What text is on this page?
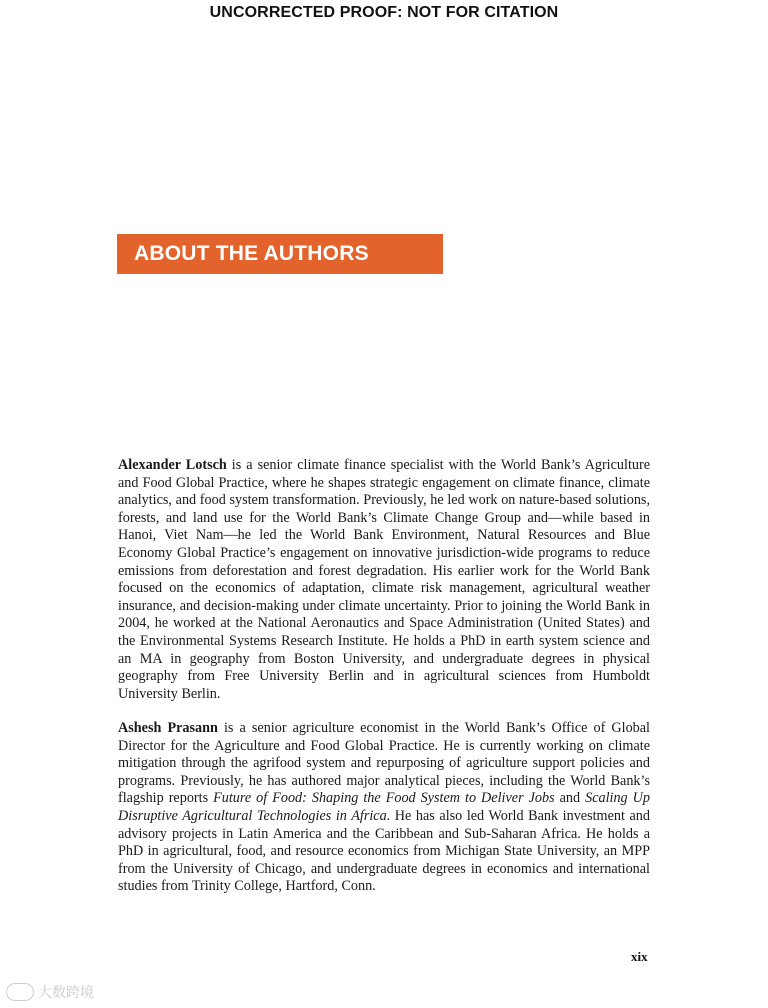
UNCORRECTED PROOF: NOT FOR CITATION
ABOUT THE AUTHORS
Alexander Lotsch is a senior climate finance specialist with the World Bank’s Agriculture and Food Global Practice, where he shapes strategic engagement on climate finance, climate analytics, and food system transformation. Previously, he led work on nature-based solutions, forests, and land use for the World Bank’s Climate Change Group and—while based in Hanoi, Viet Nam—he led the World Bank Environment, Natural Resources and Blue Economy Global Practice’s engagement on innovative jurisdiction-wide programs to reduce emissions from deforestation and forest degradation. His earlier work for the World Bank focused on the economics of adaptation, climate risk management, agricultural weather insurance, and decision-making under climate uncertainty. Prior to joining the World Bank in 2004, he worked at the National Aeronautics and Space Administration (United States) and the Environmental Systems Research Institute. He holds a PhD in earth system science and an MA in geography from Boston University, and undergraduate degrees in physical geography from Free University Berlin and in agricultural sciences from Humboldt University Berlin.
Ashesh Prasann is a senior agriculture economist in the World Bank’s Office of Global Director for the Agriculture and Food Global Practice. He is currently working on climate mitigation through the agrifood system and repurposing of agriculture support policies and programs. Previously, he has authored major analytical pieces, including the World Bank’s flagship reports Future of Food: Shaping the Food System to Deliver Jobs and Scaling Up Disruptive Agricultural Technologies in Africa. He has also led World Bank investment and advisory projects in Latin America and the Caribbean and Sub-Saharan Africa. He holds a PhD in agricultural, food, and resource economics from Michigan State University, an MPP from the University of Chicago, and undergraduate degrees in economics and international studies from Trinity College, Hartford, Conn.
xix
大数跨境
